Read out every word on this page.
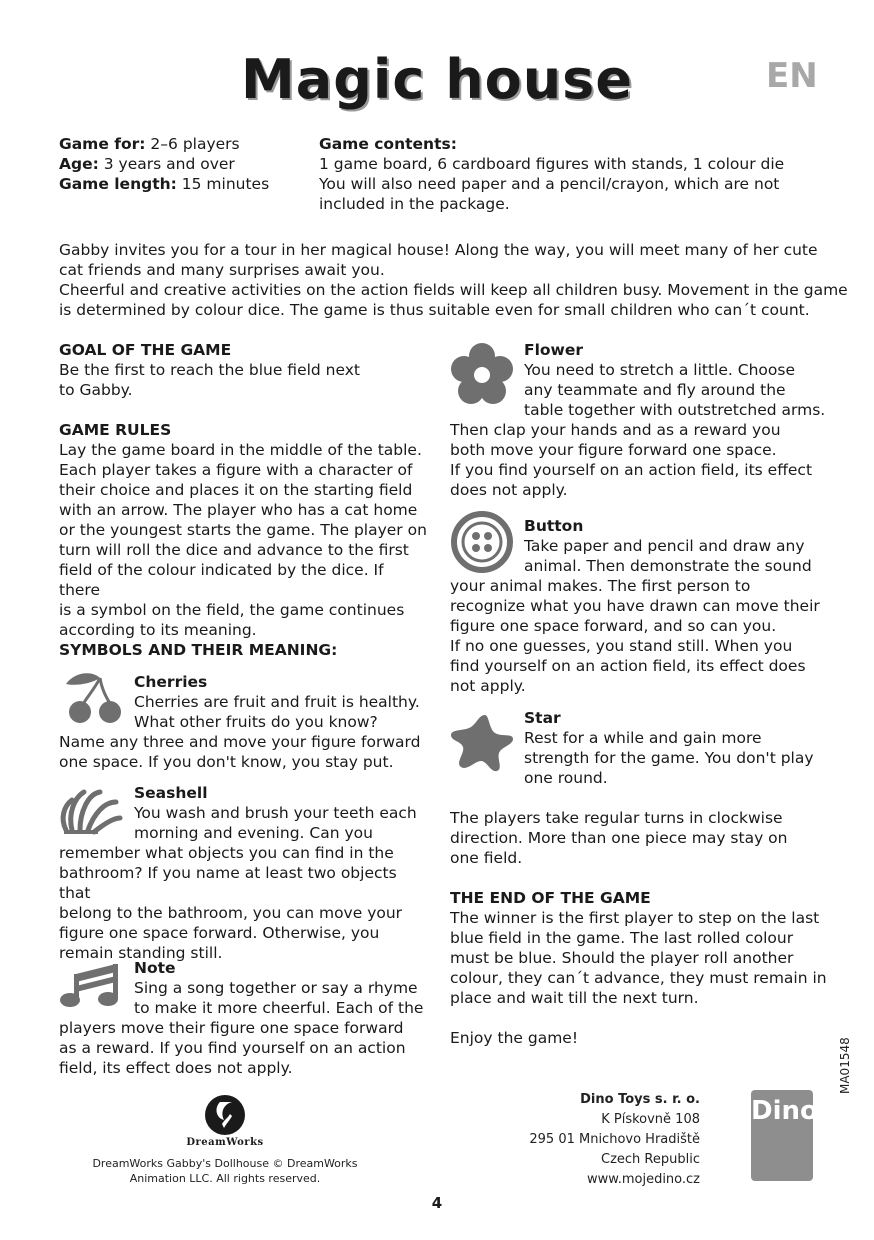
Magic house	EN
Game for: 2–6 players
Age: 3 years and over
Game length: 15 minutes
Game contents:
1 game board, 6 cardboard figures with stands, 1 colour die
You will also need paper and a pencil/crayon, which are not
included in the package.
Gabby invites you for a tour in her magical house! Along the way, you will meet many of her cute
cat friends and many surprises await you.
Cheerful and creative activities on the action fields will keep all children busy. Movement in the game
is determined by colour dice. The game is thus suitable even for small children who can´t count.
GOAL OF THE GAME
Be the first to reach the blue field next
to Gabby.
GAME RULES
Lay the game board in the middle of the table.
Each player takes a figure with a character of
their choice and places it on the starting field
with an arrow. The player who has a cat home
or the youngest starts the game. The player on
turn will roll the dice and advance to the first
field of the colour indicated by the dice. If there
is a symbol on the field, the game continues
according to its meaning.
SYMBOLS AND THEIR MEANING:
Cherries
Cherries are fruit and fruit is healthy.
What other fruits do you know?
Name any three and move your figure forward
one space. If you don't know, you stay put.
Seashell
You wash and brush your teeth each
morning and evening. Can you
remember what objects you can find in the
bathroom? If you name at least two objects that
belong to the bathroom, you can move your
figure one space forward. Otherwise, you
remain standing still.
Note
Sing a song together or say a rhyme
to make it more cheerful. Each of the
players move their figure one space forward
as a reward. If you find yourself on an action
field, its effect does not apply.
Flower
You need to stretch a little. Choose
any teammate and fly around the
table together with outstretched arms.
Then clap your hands and as a reward you
both move your figure forward one space.
If you find yourself on an action field, its effect
does not apply.
Button
Take paper and pencil and draw any
animal. Then demonstrate the sound
your animal makes. The first person to
recognize what you have drawn can move their
figure one space forward, and so can you.
If no one guesses, you stand still. When you
find yourself on an action field, its effect does
not apply.
Star
Rest for a while and gain more
strength for the game. You don't play
one round.
The players take regular turns in clockwise
direction. More than one piece may stay on
one field.
THE END OF THE GAME
The winner is the first player to step on the last
blue field in the game. The last rolled colour
must be blue. Should the player roll another
colour, they can´t advance, they must remain in
place and wait till the next turn.
Enjoy the game!
DreamWorks
DreamWorks Gabby's Dollhouse © DreamWorks
Animation LLC. All rights reserved.
Dino Toys s. r. o.
K Pískovně 108
295 01 Mnichovo Hradiště
Czech Republic
www.mojedino.cz
Dino
MA01548
4
